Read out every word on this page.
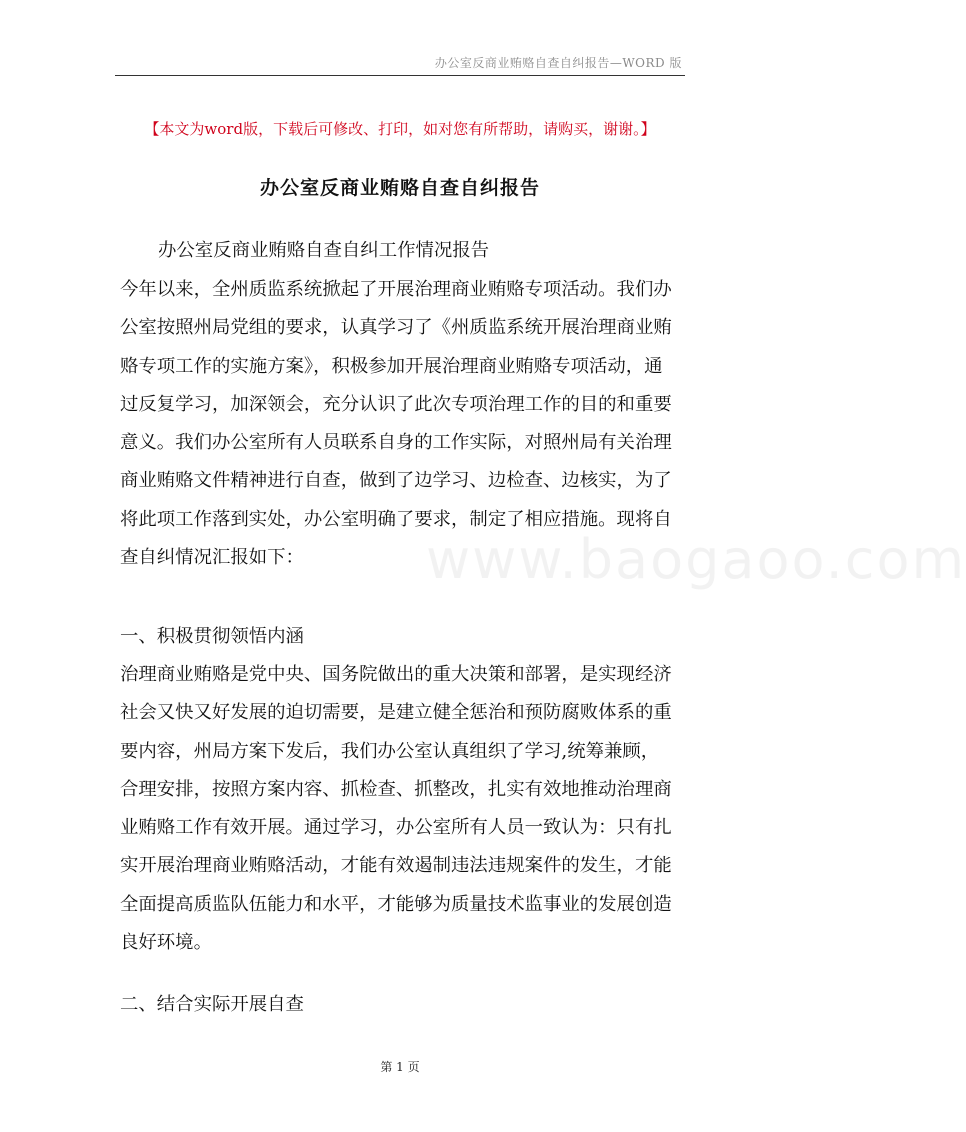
办公室反商业贿赂自查自纠报告—WORD 版
【本文为word版，下载后可修改、打印，如对您有所帮助，请购买，谢谢。】
办公室反商业贿赂自查自纠报告
办公室反商业贿赂自查自纠工作情况报告
今年以来，全州质监系统掀起了开展治理商业贿赂专项活动。我们办
公室按照州局党组的要求，认真学习了《州质监系统开展治理商业贿
赂专项工作的实施方案》，积极参加开展治理商业贿赂专项活动，通
过反复学习，加深领会，充分认识了此次专项治理工作的目的和重要
意义。我们办公室所有人员联系自身的工作实际，对照州局有关治理
商业贿赂文件精神进行自查，做到了边学习、边检查、边核实，为了
将此项工作落到实处，办公室明确了要求，制定了相应措施。现将自
查自纠情况汇报如下：
一、积极贯彻领悟内涵
治理商业贿赂是党中央、国务院做出的重大决策和部署，是实现经济
社会又快又好发展的迫切需要，是建立健全惩治和预防腐败体系的重
要内容，州局方案下发后，我们办公室认真组织了学习,统筹兼顾，
合理安排，按照方案内容、抓检查、抓整改，扎实有效地推动治理商
业贿赂工作有效开展。通过学习，办公室所有人员一致认为：只有扎
实开展治理商业贿赂活动，才能有效遏制违法违规案件的发生，才能
全面提高质监队伍能力和水平，才能够为质量技术监事业的发展创造
良好环境。
二、结合实际开展自查
www.baogaoo.com
第 1 页
